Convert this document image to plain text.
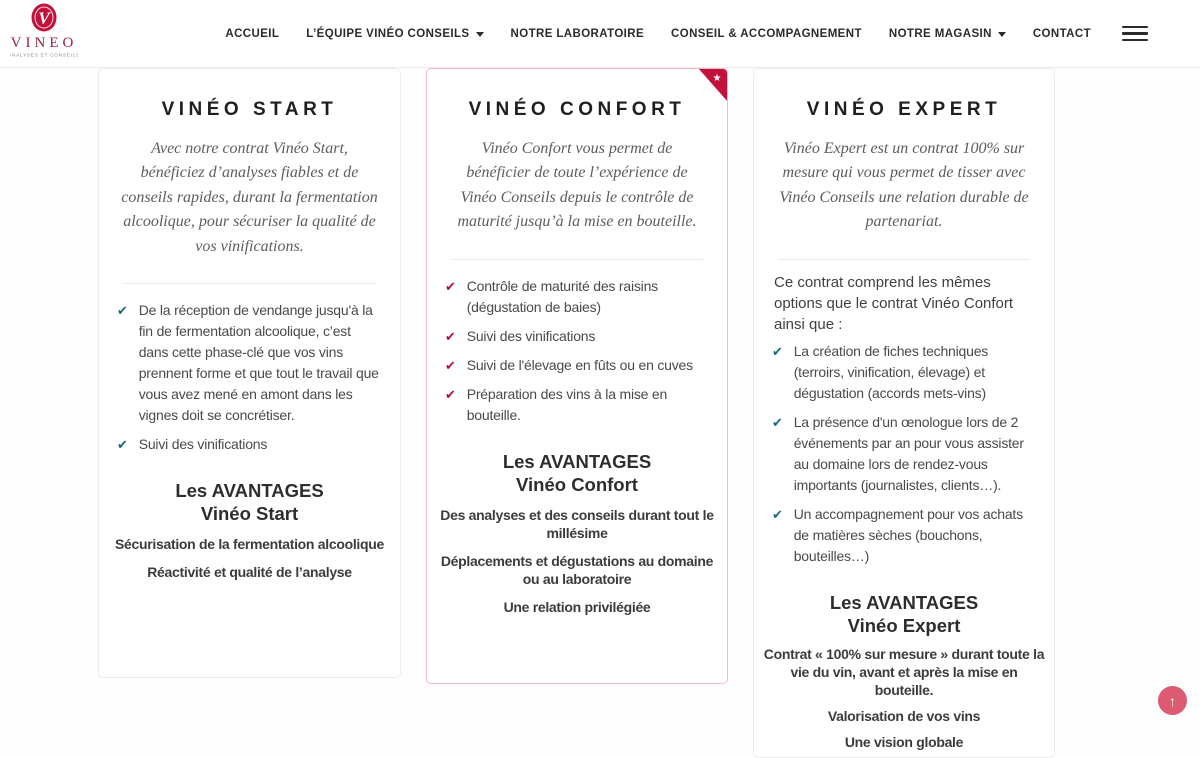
V
VINEO
ANALYSES ET CONSEILS
ACCUEIL L’ÉQUIPE VINÉO CONSEILS	NOTRE LABORATOIRE CONSEIL & ACCOMPAGNEMENT NOTRE MAGASIN	CONTACT
VINÉO START

Avec notre contrat Vinéo Start, bénéficiez d’analyses fiables et de conseils rapides, durant la fermentation alcoolique, pour sécuriser la qualité de vos vinifications.

✔ De la réception de vendange jusqu'à la fin de fermentation alcoolique, c’est dans cette phase-clé que vos vins prennent forme et que tout le travail que vous avez mené en amont dans les vignes doit se concrétiser.
✔ Suivi des vinifications
Les AVANTAGES
Vinéo Start

Sécurisation de la fermentation alcoolique

Réactivité et qualité de l’analyse

★
VINÉO CONFORT

Vinéo Confort vous permet de bénéficier de toute l’expérience de Vinéo Conseils depuis le contrôle de maturité jusqu’à la mise en bouteille.

✔ Contrôle de maturité des raisins (dégustation de baies)
✔ Suivi des vinifications
✔ Suivi de l'élevage en fûts ou en cuves
✔ Préparation des vins à la mise en bouteille.
Les AVANTAGES
Vinéo Confort

Des analyses et des conseils durant tout le millésime

Déplacements et dégustations au domaine ou au laboratoire

Une relation privilégiée

VINÉO EXPERT

Vinéo Expert est un contrat 100% sur mesure qui vous permet de tisser avec Vinéo Conseils une relation durable de partenariat.

Ce contrat comprend les mêmes options que le contrat Vinéo Confort ainsi que :

✔ La création de fiches techniques (terroirs, vinification, élevage) et dégustation (accords mets-vins)
✔ La présence d'un œnologue lors de 2 événements par an pour vous assister au domaine lors de rendez-vous importants (journalistes, clients…).
✔ Un accompagnement pour vos achats de matières sèches (bouchons, bouteilles…)
Les AVANTAGES
Vinéo Expert

Contrat « 100% sur mesure » durant toute la vie du vin, avant et après la mise en bouteille.

Valorisation de vos vins

Une vision globale

↑
